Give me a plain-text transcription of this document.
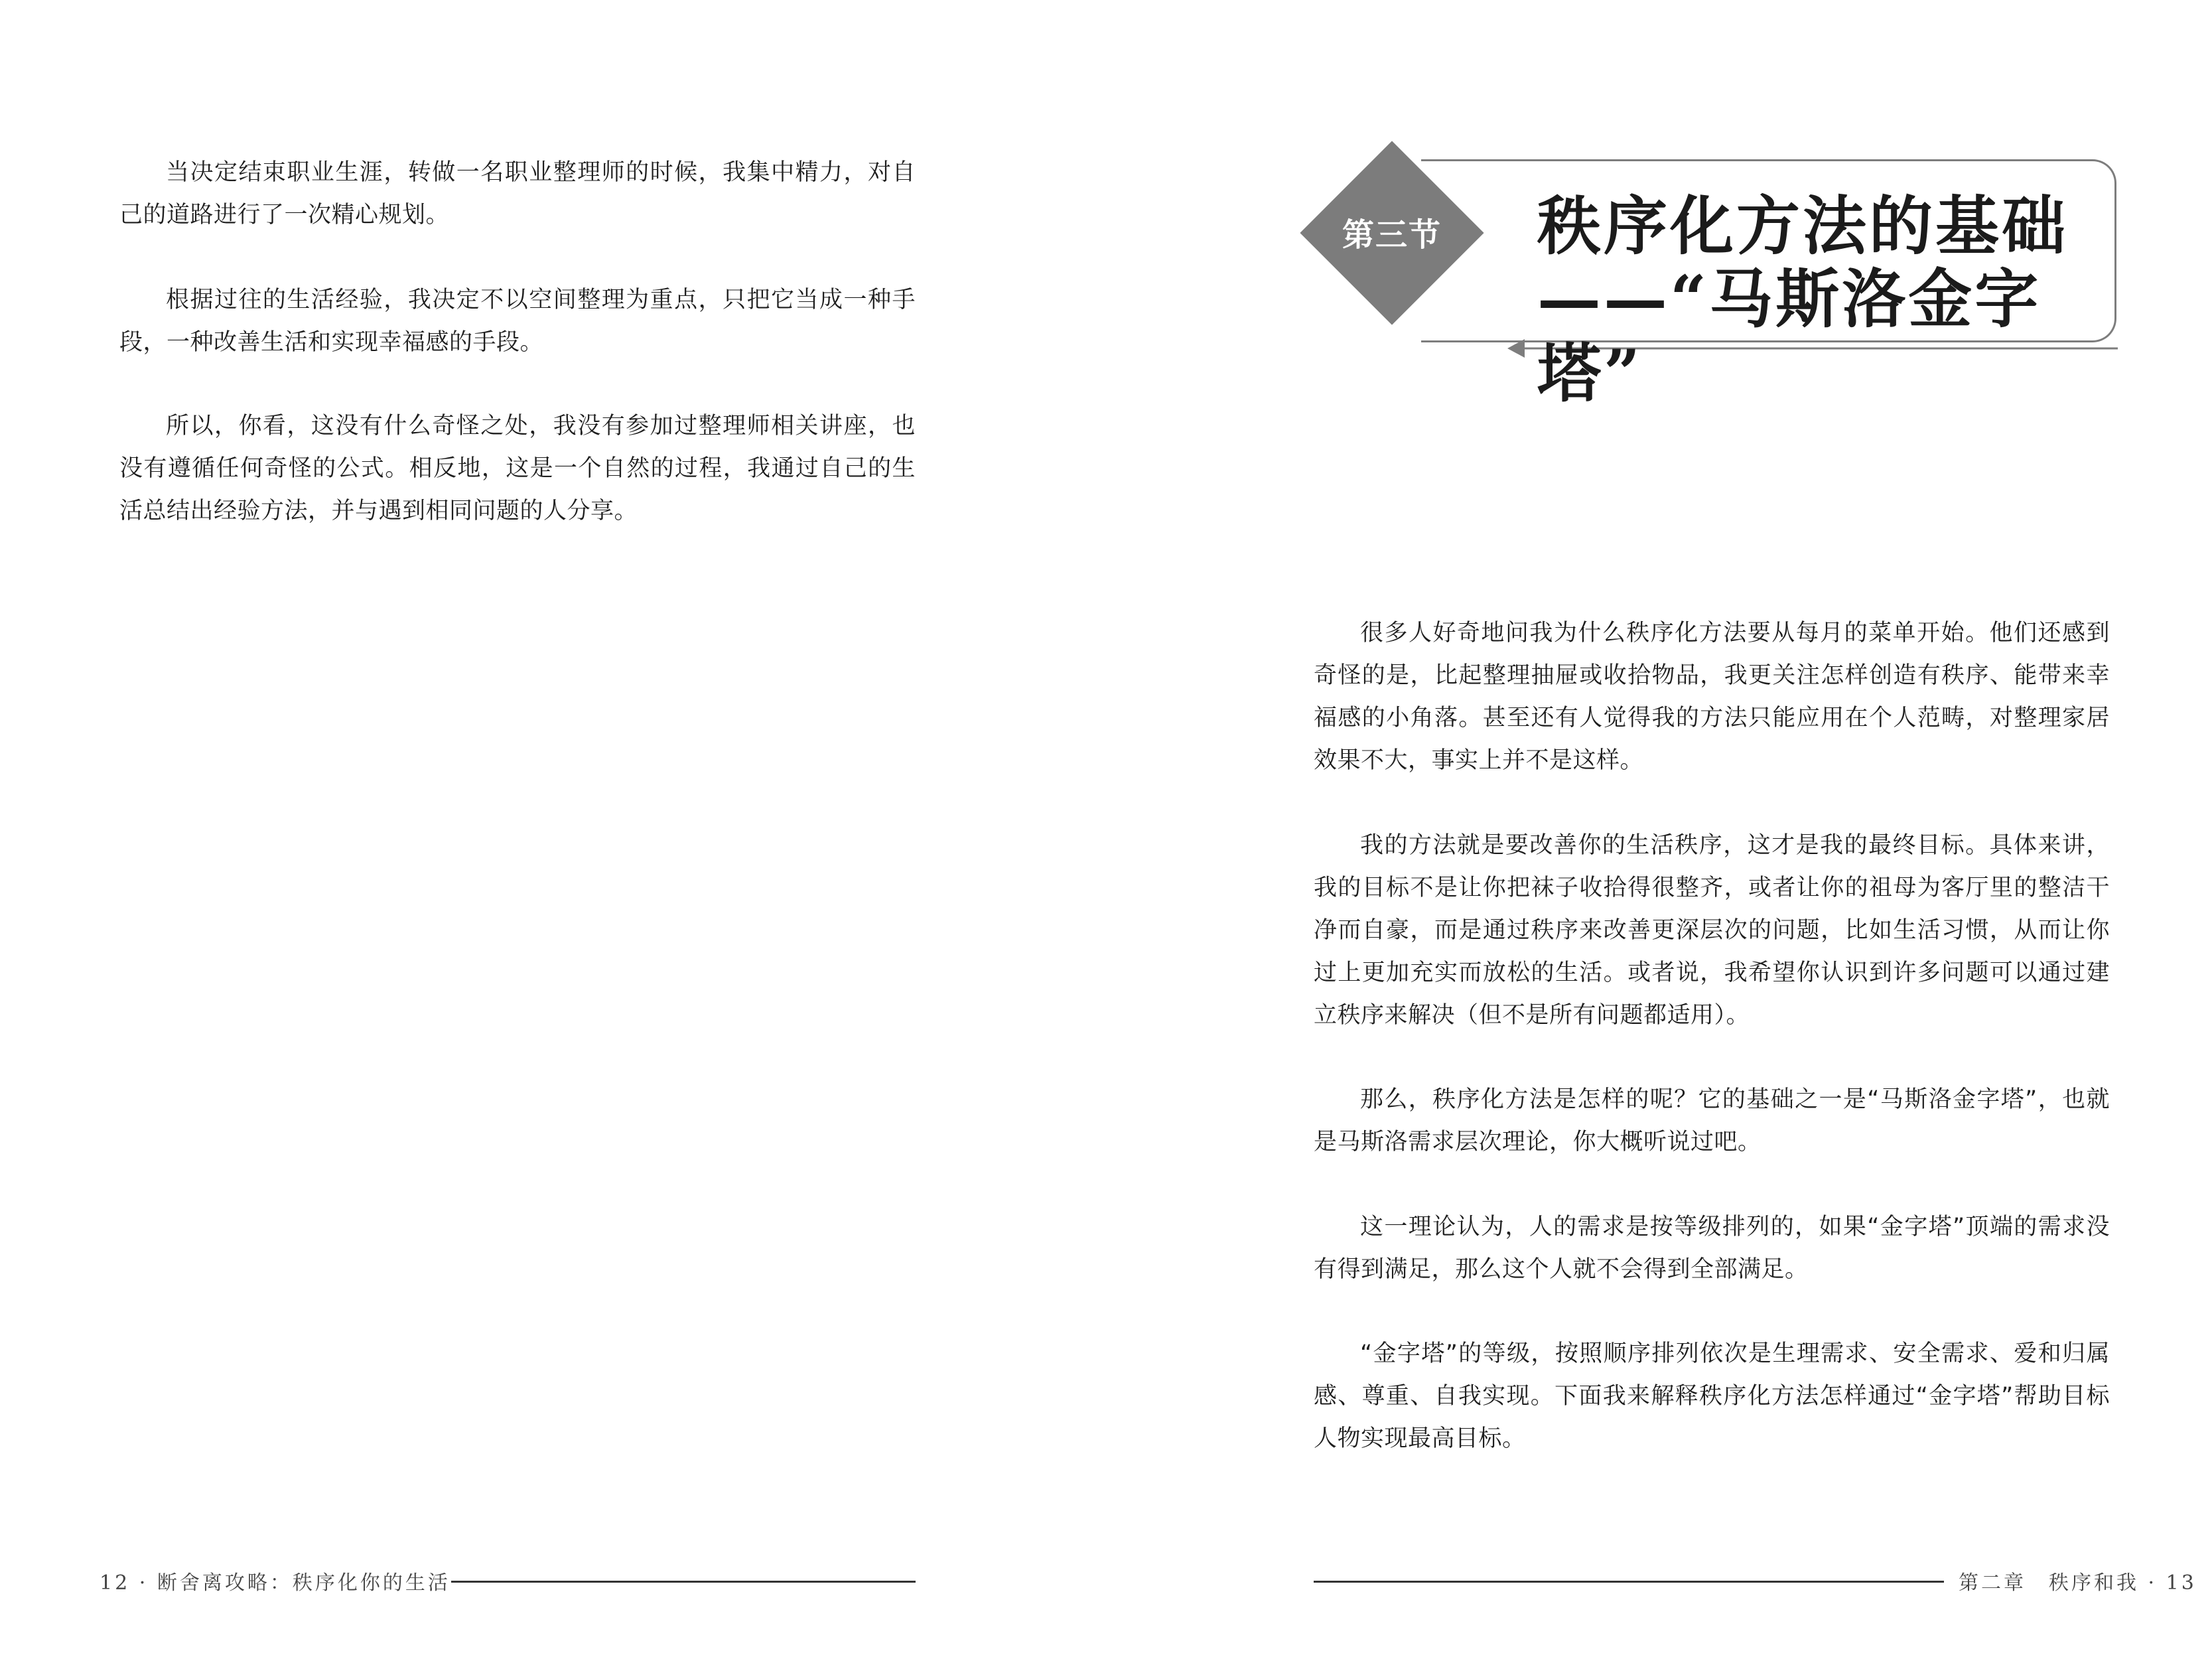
当决定结束职业生涯，转做一名职业整理师的时候，我集中精力，对自己的道路进行了一次精心规划。

根据过往的生活经验，我决定不以空间整理为重点，只把它当成一种手段，一种改善生活和实现幸福感的手段。

所以，你看，这没有什么奇怪之处，我没有参加过整理师相关讲座，也没有遵循任何奇怪的公式。相反地，这是一个自然的过程，我通过自己的生活总结出经验方法，并与遇到相同问题的人分享。

12 · 断舍离攻略：秩序化你的生活
第三节	秩序化方法的基础
——“马斯洛金字塔”

很多人好奇地问我为什么秩序化方法要从每月的菜单开始。他们还感到奇怪的是，比起整理抽屉或收拾物品，我更关注怎样创造有秩序、能带来幸福感的小角落。甚至还有人觉得我的方法只能应用在个人范畴，对整理家居效果不大，事实上并不是这样。

我的方法就是要改善你的生活秩序，这才是我的最终目标。具体来讲，我的目标不是让你把袜子收拾得很整齐，或者让你的祖母为客厅里的整洁干净而自豪，而是通过秩序来改善更深层次的问题，比如生活习惯，从而让你过上更加充实而放松的生活。或者说，我希望你认识到许多问题可以通过建立秩序来解决（但不是所有问题都适用）。

那么，秩序化方法是怎样的呢？它的基础之一是“马斯洛金字塔”，也就是马斯洛需求层次理论，你大概听说过吧。

这一理论认为，人的需求是按等级排列的，如果“金字塔”顶端的需求没有得到满足，那么这个人就不会得到全部满足。

“金字塔”的等级，按照顺序排列依次是生理需求、安全需求、爱和归属感、尊重、自我实现。下面我来解释秩序化方法怎样通过“金字塔”帮助目标人物实现最高目标。

第二章　秩序和我 · 13
